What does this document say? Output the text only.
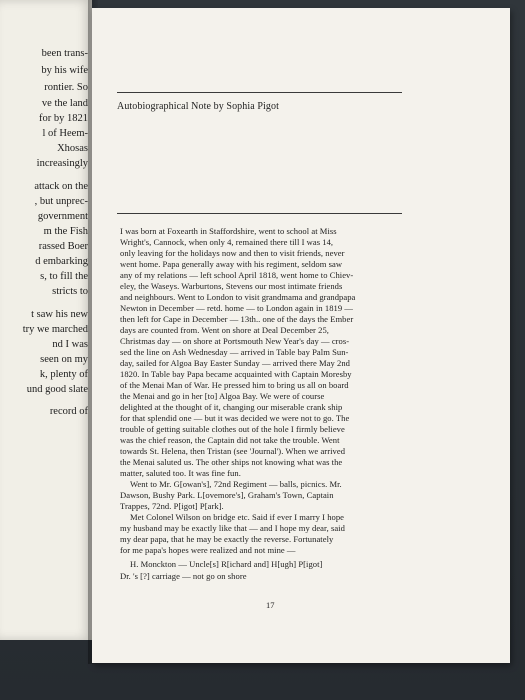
been trans-
by his wife
rontier. So
ve the land
for by 1821
l of Heem-
Xhosas
increasingly
attack on the
, but unprec-
government
m the Fish
rassed Boer
d embarking
s, to fill the
stricts to
t saw his new
try we marched
nd I was
seen on my
k, plenty of
und good slate
record of
Autobiographical Note by Sophia Pigot
I was born at Foxearth in Staffordshire, went to school at Miss
Wright's, Cannock, when only 4, remained there till I was 14,
only leaving for the holidays now and then to visit friends, never
went home. Papa generally away with his regiment, seldom saw
any of my relations — left school April 1818, went home to Chiev-
eley, the Waseys. Warburtons, Stevens our most intimate friends
and neighbours. Went to London to visit grandmama and grandpapa
Newton in December — retd. home — to London again in 1819 —
then left for Cape in December — 13th.. one of the days the Ember
days are counted from. Went on shore at Deal December 25,
Christmas day — on shore at Portsmouth New Year's day — cros-
sed the line on Ash Wednesday — arrived in Table bay Palm Sun-
day, sailed for Algoa Bay Easter Sunday — arrived there May 2nd
1820. In Table bay Papa became acquainted with Captain Moresby
of the Menai Man of War. He pressed him to bring us all on board
the Menai and go in her [to] Algoa Bay. We were of course
delighted at the thought of it, changing our miserable crank ship
for that splendid one — but it was decided we were not to go. The
trouble of getting suitable clothes out of the hole I firmly believe
was the chief reason, the Captain did not take the trouble. Went
towards St. Helena, then Tristan (see 'Journal'). When we arrived
the Menai saluted us. The other ships not knowing what was the
matter, saluted too. It was fine fun.
Went to Mr. G[owan's], 72nd Regiment — balls, picnics. Mr.
Dawson, Bushy Park. L[ovemore's], Graham's Town, Captain
Trappes, 72nd. P[igot] P[ark].
Met Colonel Wilson on bridge etc. Said if ever I marry I hope
my husband may be exactly like that — and I hope my dear, said
my dear papa, that he may be exactly the reverse. Fortunately
for me papa's hopes were realized and not mine —
H. Monckton — Uncle[s] R[ichard and] H[ugh] P[igot]
Dr. 's [?] carriage — not go on shore
17
